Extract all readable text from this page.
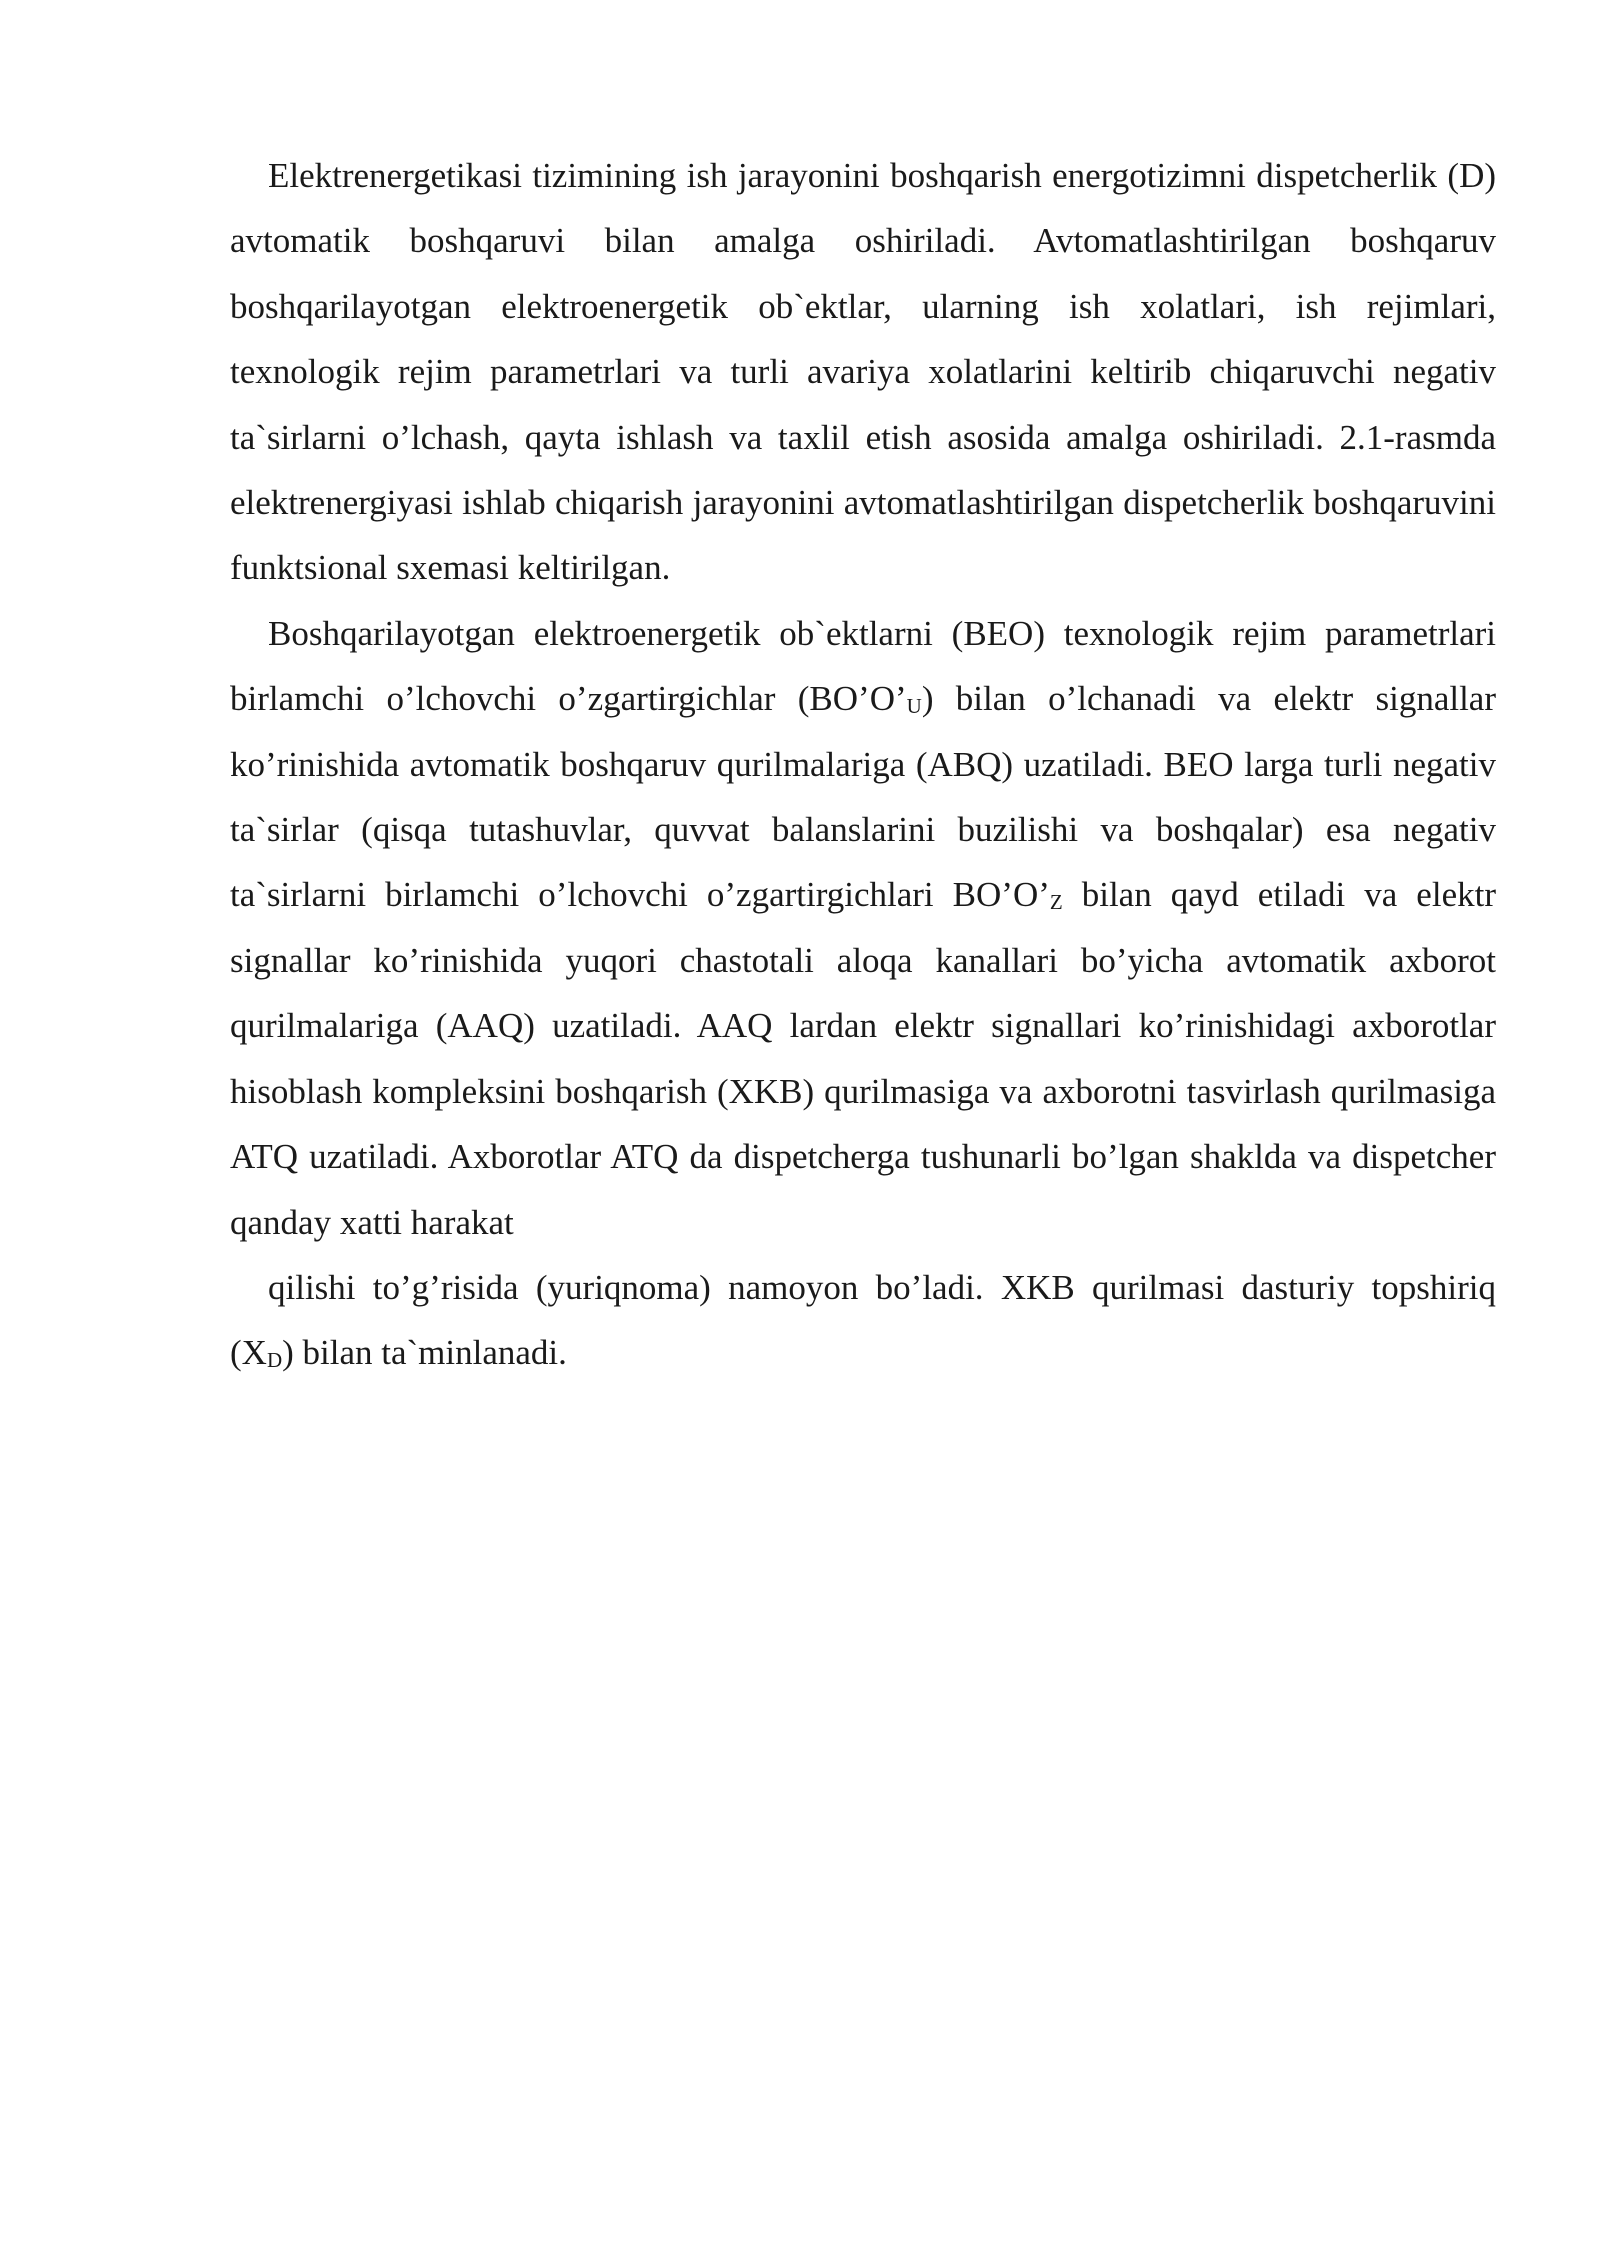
Elektrenergetikasi tizimining ish jarayonini boshqarish energotizimni dispetcherlik (D) avtomatik boshqaruvi bilan amalga oshiriladi. Avtomatlashtirilgan boshqaruv boshqarilayotgan elektroenergetik ob`ektlar, ularning ish xolatlari, ish rejimlari, texnologik rejim parametrlari va turli avariya xolatlarini keltirib chiqaruvchi negativ ta`sirlarni o’lchash, qayta ishlash va taxlil etish asosida amalga oshiriladi. 2.1-rasmda elektrenergiyasi ishlab chiqarish jarayonini avtomatlashtirilgan dispetcherlik boshqaruvini funktsional sxemasi keltirilgan.

Boshqarilayotgan elektroenergetik ob`ektlarni (BEO) texnologik rejim parametrlari birlamchi o’lchovchi o’zgartirgichlar $(BO’O’_U)$ bilan o’lchanadi va elektr signallar ko’rinishida avtomatik boshqaruv qurilmalariga (ABQ) uzatiladi. BEO larga turli negativ ta`sirlar (qisqa tutashuvlar, quvvat balanslarini buzilishi va boshqalar) esa negativ ta`sirlarni birlamchi o’lchovchi o’zgartirgichlari $BO’O’_Z$ bilan qayd etiladi va elektr signallar ko’rinishida yuqori chastotali aloqa kanallari bo’yicha avtomatik axborot qurilmalariga (AAQ) uzatiladi. AAQ lardan elektr signallari ko’rinishidagi axborotlar hisoblash kompleksini boshqarish (XKB) qurilmasiga va axborotni tasvirlash qurilmasiga ATQ uzatiladi. Axborotlar ATQ da dispetcherga tushunarli bo’lgan shaklda va dispetcher qanday xatti harakat

qilishi to’g’risida (yuriqnoma) namoyon bo’ladi. XKB qurilmasi dasturiy topshiriq $(X_D)$ bilan ta`minlanadi.
